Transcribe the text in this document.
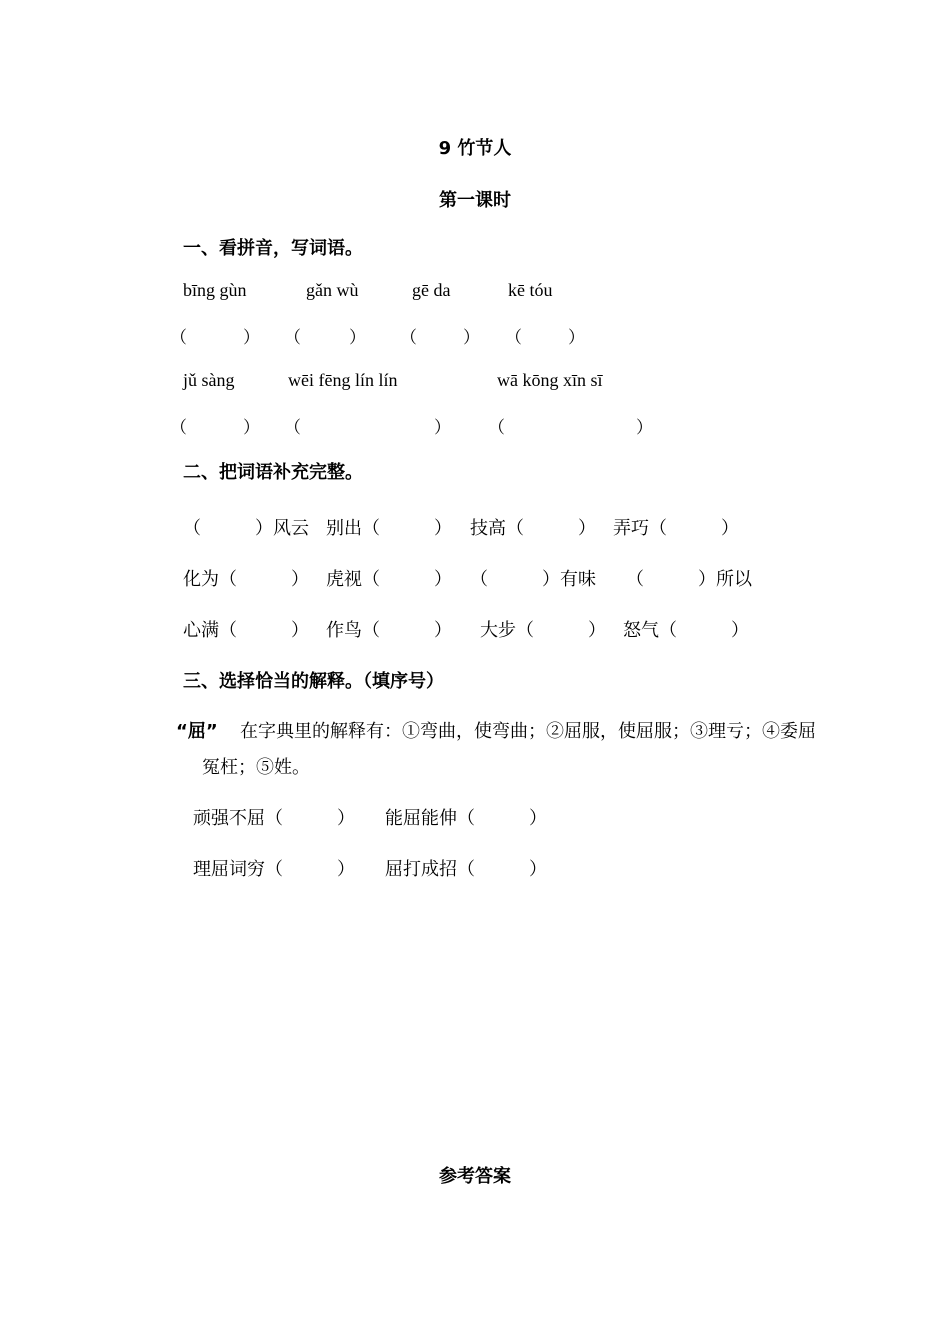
9 竹节人
第一课时
一、看拼音，写词语。
bīng gùn	gǎn wù	gē da	kē tóu
（	） （	） （	） （	）
jǔ sàng	wēi fēng lín lín	wā kōng xīn sī
（	） （	） （	）
二、把词语补充完整。
（　　　）风云 别出（　　　） 技高（　　　） 弄巧（　　　）
化为（　　　） 虎视（　　　） （　　　）有味 （　　　）所以
心满（　　　） 作鸟（　　　） 大步（　　　） 怒气（　　　）
三、选择恰当的解释。（填序号）
“屈” 在字典里的解释有：①弯曲，使弯曲；②屈服，使屈服；③理亏；④委屈
冤枉；⑤姓。
顽强不屈（　　　） 能屈能伸（　　　）
理屈词穷（　　　） 屈打成招（　　　）
参考答案
